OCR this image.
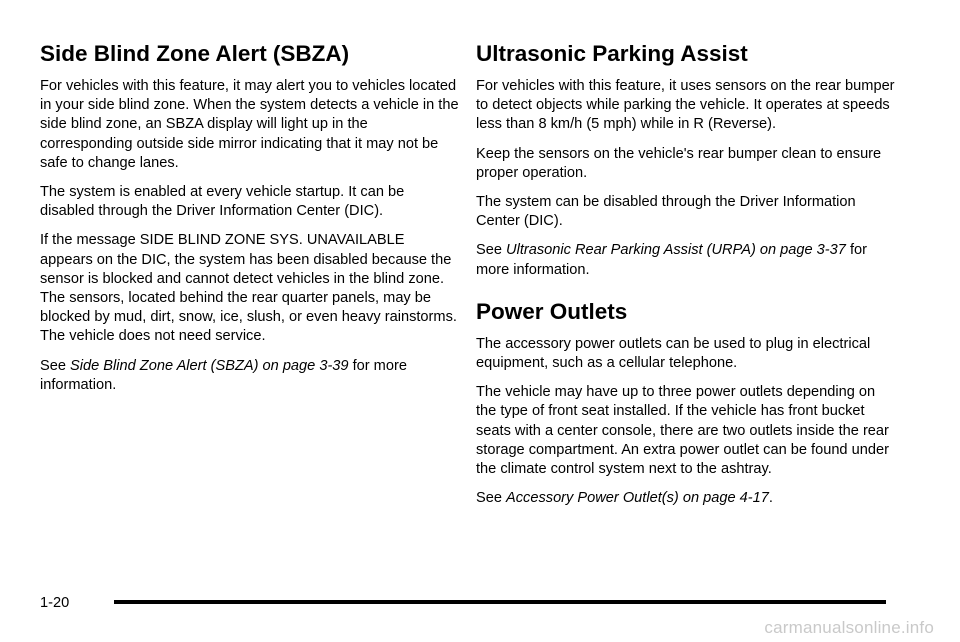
Side Blind Zone Alert (SBZA)

For vehicles with this feature, it may alert you to vehicles located in your side blind zone. When the system detects a vehicle in the side blind zone, an SBZA display will light up in the corresponding outside side mirror indicating that it may not be safe to change lanes.

The system is enabled at every vehicle startup. It can be disabled through the Driver Information Center (DIC).

If the message SIDE BLIND ZONE SYS. UNAVAILABLE appears on the DIC, the system has been disabled because the sensor is blocked and cannot detect vehicles in the blind zone. The sensors, located behind the rear quarter panels, may be blocked by mud, dirt, snow, ice, slush, or even heavy rainstorms. The vehicle does not need service.

See Side Blind Zone Alert (SBZA) on page 3-39 for more information.

Ultrasonic Parking Assist

For vehicles with this feature, it uses sensors on the rear bumper to detect objects while parking the vehicle. It operates at speeds less than 8 km/h (5 mph) while in R (Reverse).

Keep the sensors on the vehicle's rear bumper clean to ensure proper operation.

The system can be disabled through the Driver Information Center (DIC).

See Ultrasonic Rear Parking Assist (URPA) on page 3-37 for more information.

Power Outlets

The accessory power outlets can be used to plug in electrical equipment, such as a cellular telephone.

The vehicle may have up to three power outlets depending on the type of front seat installed. If the vehicle has front bucket seats with a center console, there are two outlets inside the rear storage compartment. An extra power outlet can be found under the climate control system next to the ashtray.

See Accessory Power Outlet(s) on page 4-17.

1-20
carmanualsonline.info
